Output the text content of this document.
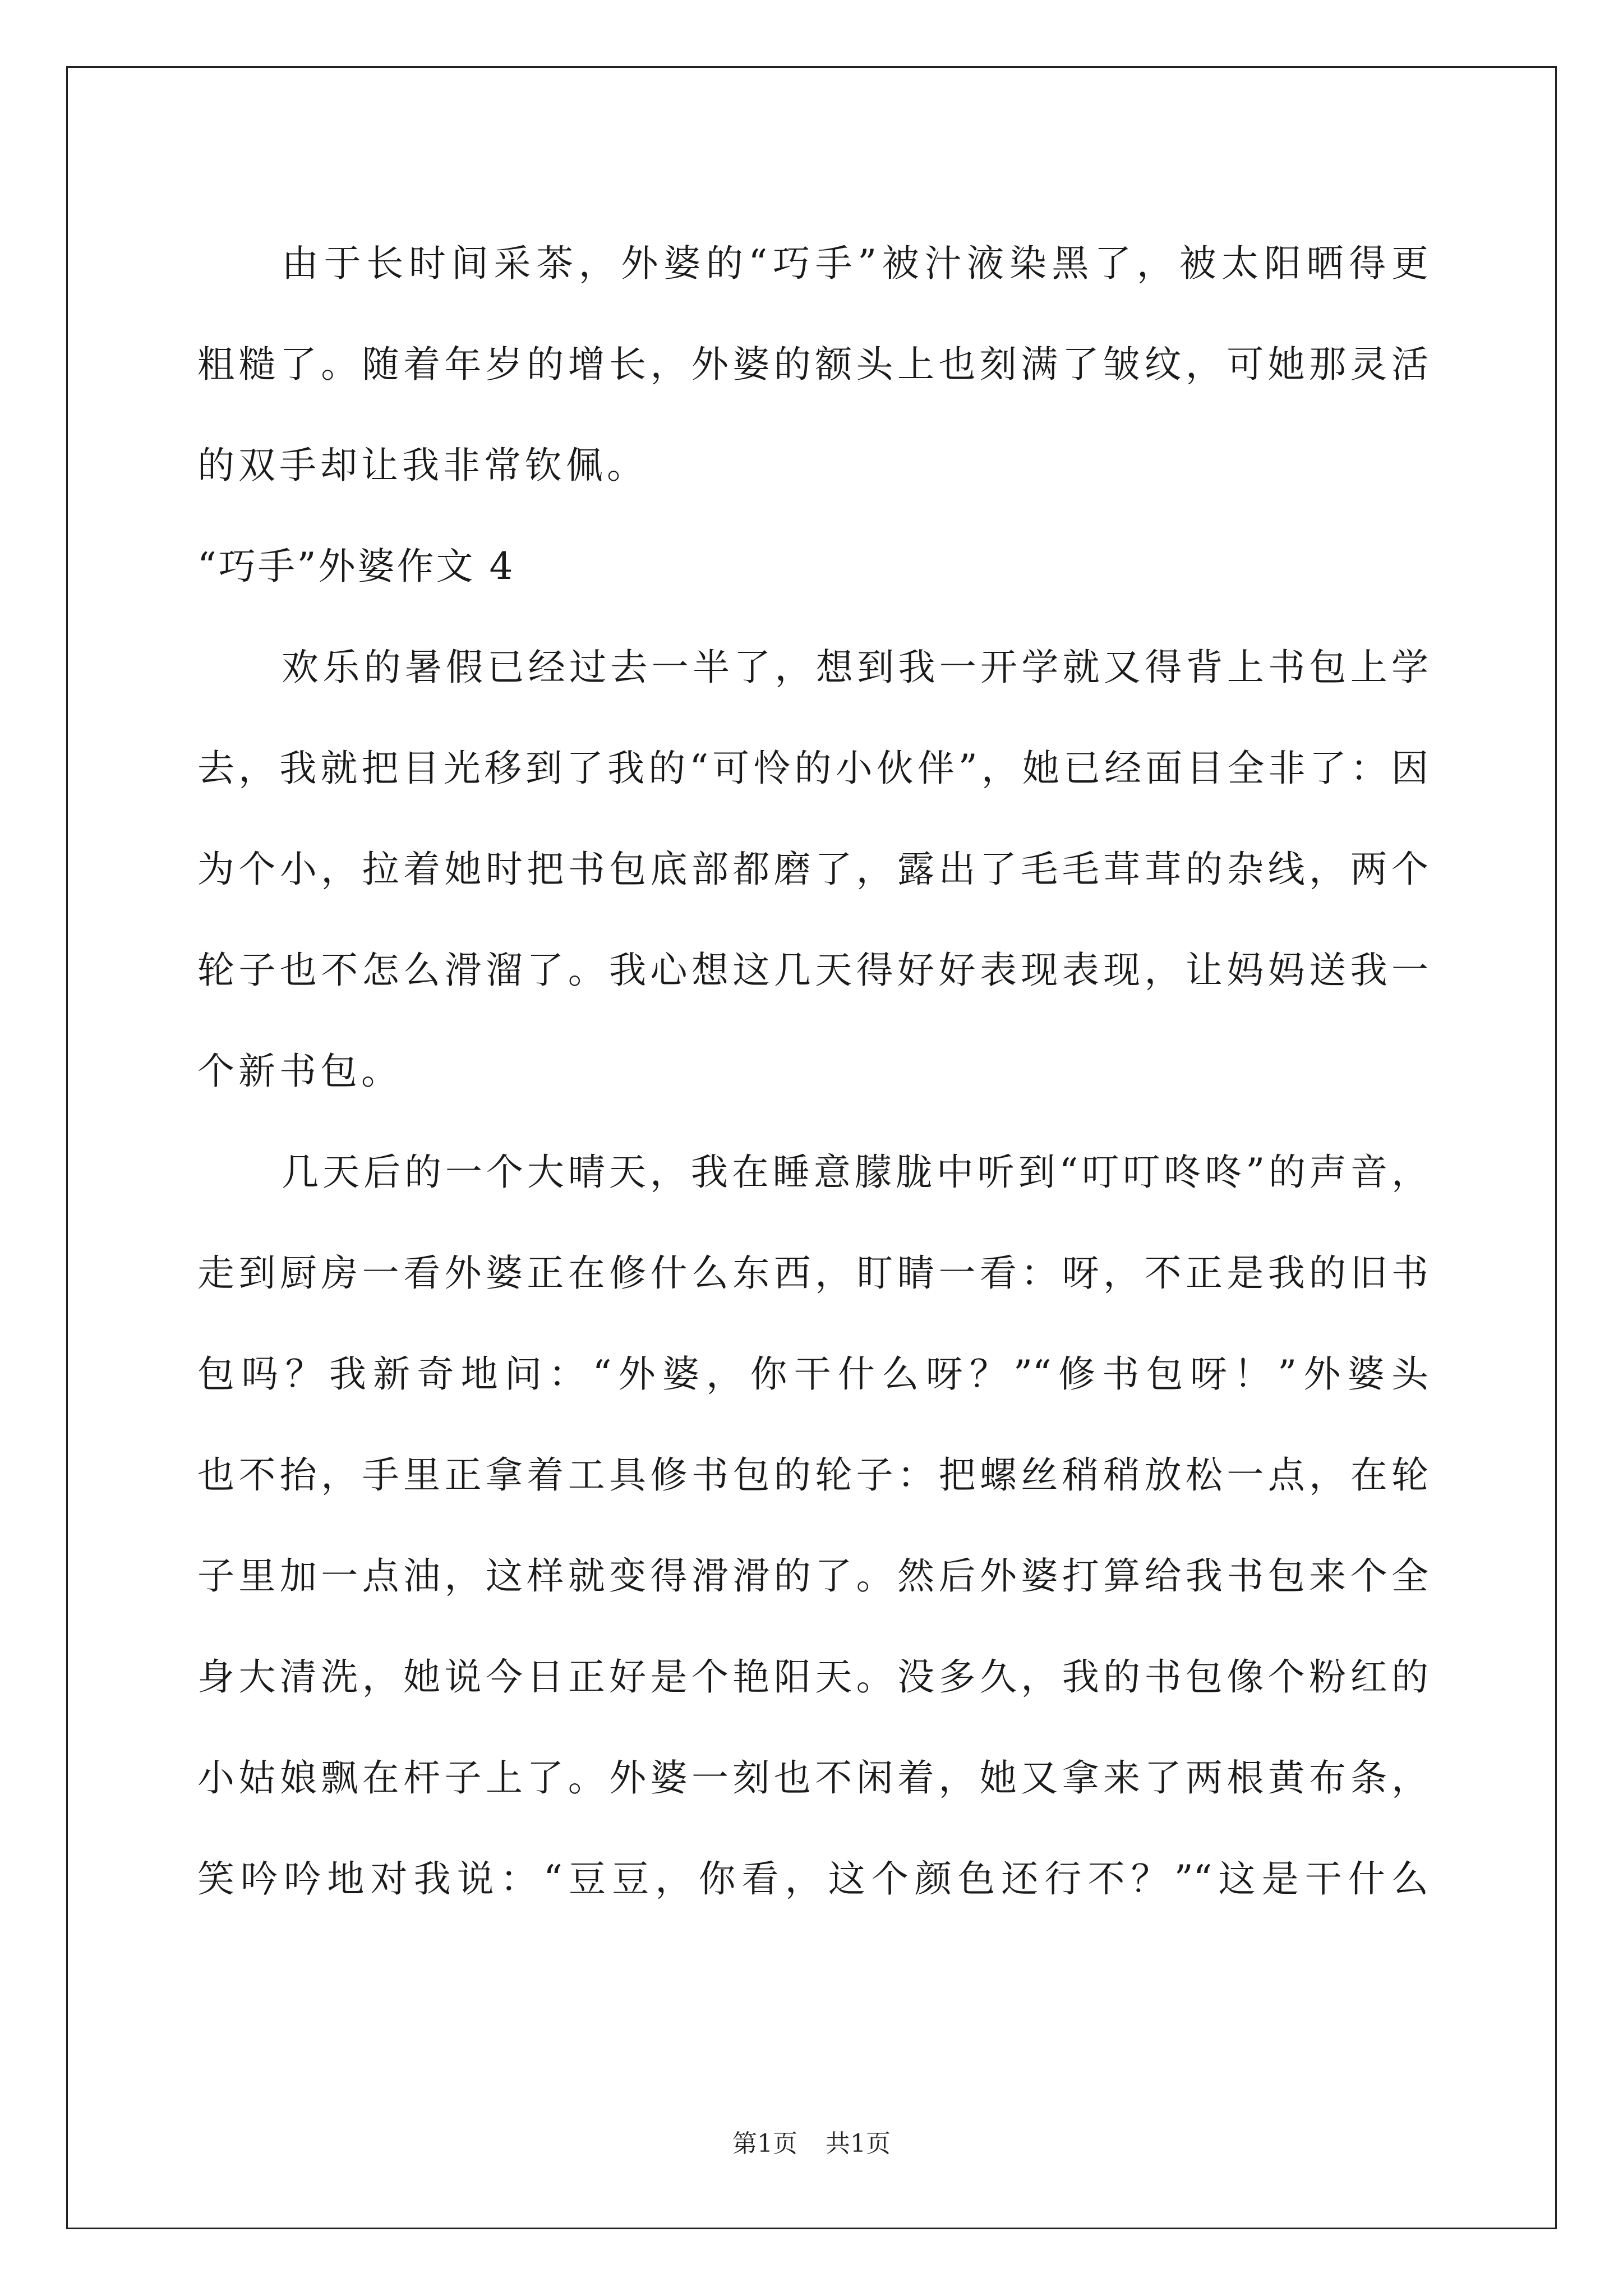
由于长时间采茶，外婆的“巧手”被汁液染黑了，被太阳晒得更
粗糙了。随着年岁的增长，外婆的额头上也刻满了皱纹，可她那灵活
的双手却让我非常钦佩。
“巧手”外婆作文 4
欢乐的暑假已经过去一半了，想到我一开学就又得背上书包上学
去，我就把目光移到了我的“可怜的小伙伴”，她已经面目全非了：因
为个小，拉着她时把书包底部都磨了，露出了毛毛茸茸的杂线，两个
轮子也不怎么滑溜了。我心想这几天得好好表现表现，让妈妈送我一
个新书包。
几天后的一个大晴天，我在睡意朦胧中听到“叮叮咚咚”的声音，
走到厨房一看外婆正在修什么东西，盯睛一看：呀，不正是我的旧书
包吗？我新奇地问：“外婆，你干什么呀？”“修书包呀！”外婆头
也不抬，手里正拿着工具修书包的轮子：把螺丝稍稍放松一点，在轮
子里加一点油，这样就变得滑滑的了。然后外婆打算给我书包来个全
身大清洗，她说今日正好是个艳阳天。没多久，我的书包像个粉红的
小姑娘飘在杆子上了。外婆一刻也不闲着，她又拿来了两根黄布条，
笑吟吟地对我说：“豆豆，你看，这个颜色还行不？”“这是干什么
第1页 共1页
